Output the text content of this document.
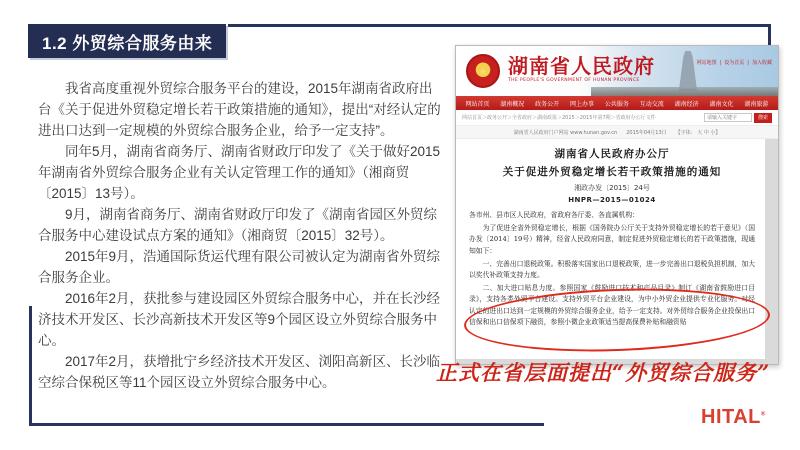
1.2 外贸综合服务由来

我省高度重视外贸综合服务平台的建设，2015年湖南省政府出台《关于促进外贸稳定增长若干政策措施的通知》，提出“对经认定的进出口达到一定规模的外贸综合服务企业，给予一定支持”。

同年5月，湖南省商务厅、湖南省财政厅印发了《关于做好2015年湖南省外贸综合服务企业有关认定管理工作的通知》（湘商贸〔2015〕13号）。

9月，湖南省商务厅、湖南省财政厅印发了《湖南省园区外贸综合服务中心建设试点方案的通知》（湘商贸〔2015〕32号）。

2015年9月，浩通国际货运代理有限公司被认定为湖南省外贸综合服务企业。

2016年2月，获批参与建设园区外贸综合服务中心，并在长沙经济技术开发区、长沙高新技术开发区等9个园区设立外贸综合服务中心。

2017年2月，获增批宁乡经济技术开发区、浏阳高新区、长沙临空综合保税区等11个园区设立外贸综合服务中心。

★ 湖南省人民政府
THE PEOPLE'S GOVERNMENT OF HUNAN PROVINCE
网站地图 | 设为首页 | 加入收藏
网站首页 湖南概况 政务公开 网上办事 公共服务 互动交流 湖南经济 湖南文化 湖南旅游
网站首页＞政务公开＞全省政府＞湖南政报＞2015＞2015年第7期＞省政府办公厅文件
请输入关键字	搜索
湖南省人民政府门户网站 www.hunan.gov.cn 2015年04月13日 【字体： 大 中 小】
湖南省人民政府办公厅
关于促进外贸稳定增长若干政策措施的通知
湘政办发〔2015〕24号
HNPR—2015—01024

各市州、县市区人民政府，省政府各厅委、各直属机构：

为了促进全省外贸稳定增长，根据《国务院办公厅关于支持外贸稳定增长的若干意见》（国办发〔2014〕19号）精神，经省人民政府同意，制定促进外贸稳定增长的若干政策措施，现通知如下：

一、完善出口退税政策。积极落实国家出口退税政策，进一步完善出口退税负担机制，加大以奖代补政策支持力度。

二、加大进口贴息力度。参照国家《鼓励进口技术和产品目录》制订《湖南省鼓励进口目录》，支持各类外贸平台建设。支持外贸平台企业建设，为中小外贸企业提供专业化服务。对经认定的进出口达到一定规模的外贸综合服务企业，给予一定支持。对外贸综合服务企业投保出口信保和出口信保项下融资，参照小微企业政策适当提高保费补贴和融资贴

正式在省层面提出“外贸综合服务”
HITAL®
